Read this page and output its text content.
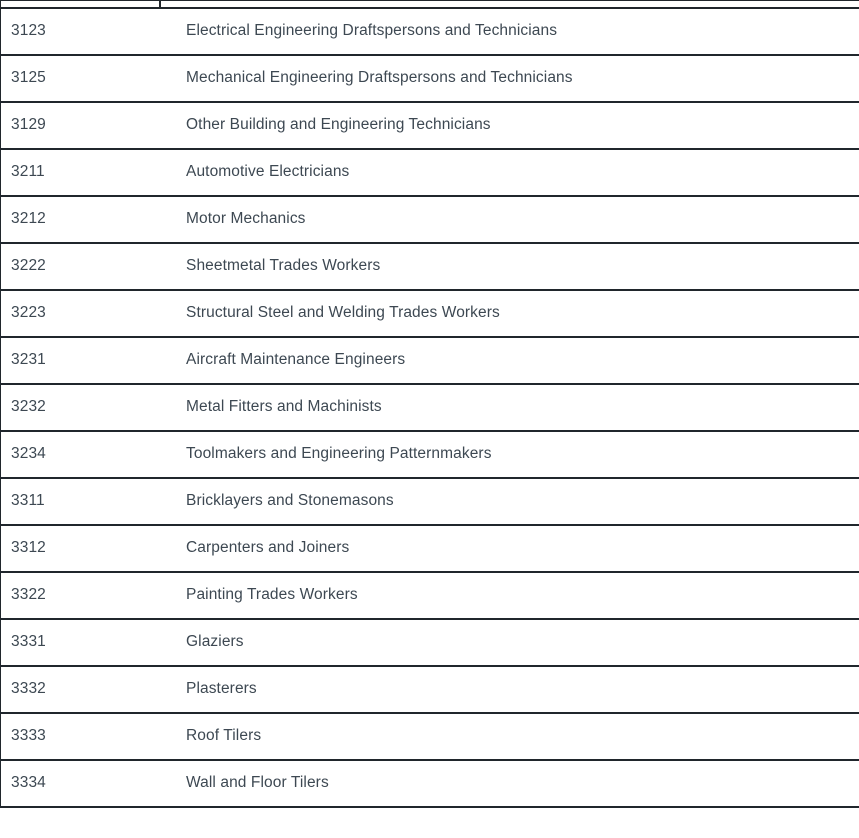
3123	Electrical Engineering Draftspersons and Technicians
3125	Mechanical Engineering Draftspersons and Technicians
3129	Other Building and Engineering Technicians
3211	Automotive Electricians
3212	Motor Mechanics
3222	Sheetmetal Trades Workers
3223	Structural Steel and Welding Trades Workers
3231	Aircraft Maintenance Engineers
3232	Metal Fitters and Machinists
3234	Toolmakers and Engineering Patternmakers
3311	Bricklayers and Stonemasons
3312	Carpenters and Joiners
3322	Painting Trades Workers
3331	Glaziers
3332	Plasterers
3333	Roof Tilers
3334	Wall and Floor Tilers
